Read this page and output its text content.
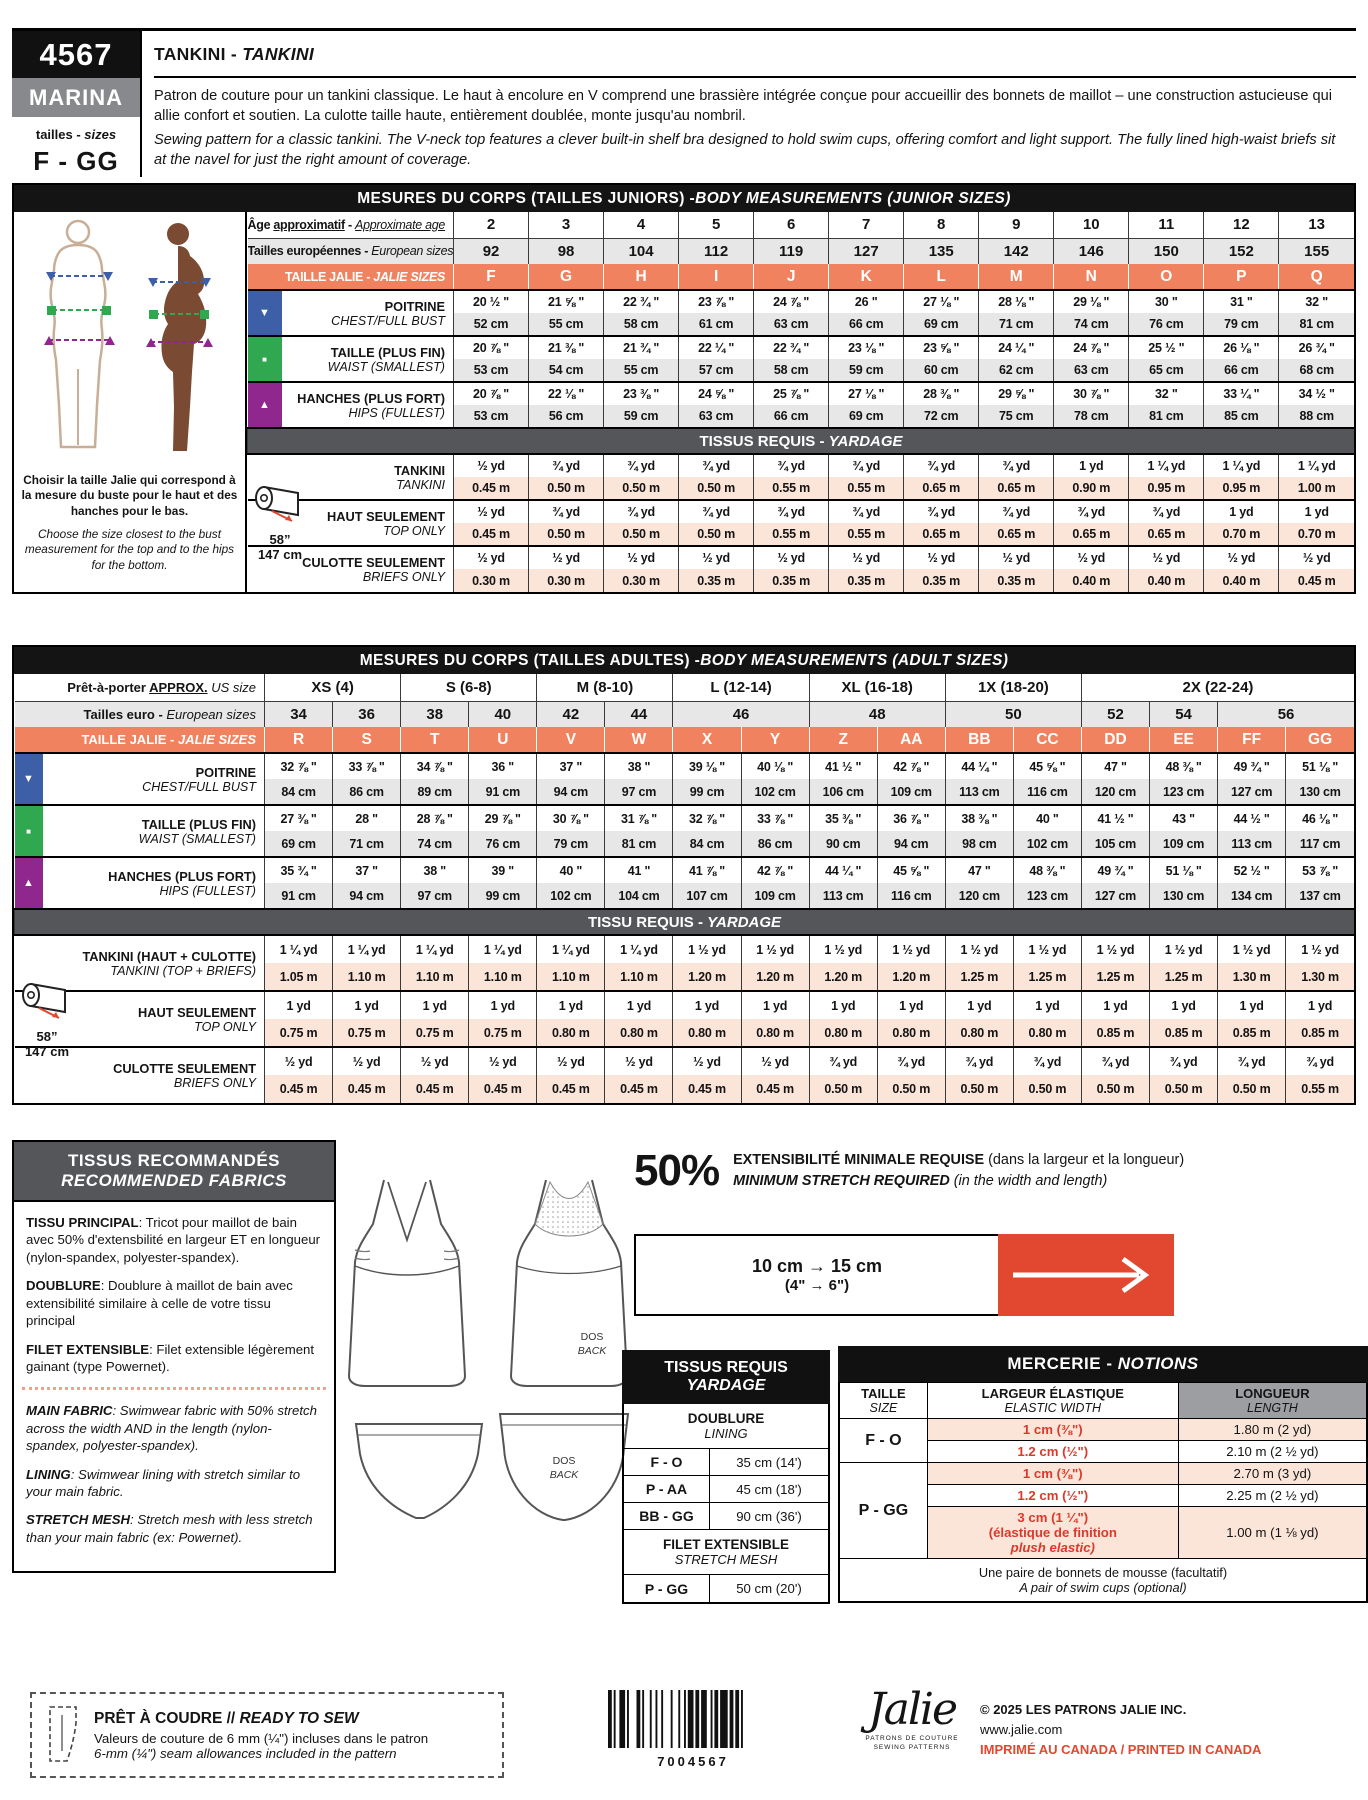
4567
MARINA
tailles - sizes
F - GG
TANKINI - TANKINI
Patron de couture pour un tankini classique. Le haut à encolure en V comprend une brassière intégrée conçue pour accueillir des bonnets de maillot – une construction astucieuse qui allie confort et soutien. La culotte taille haute, entièrement doublée, monte jusqu'au nombril.
Sewing pattern for a classic tankini. The V-neck top features a clever built-in shelf bra designed to hold swim cups, offering comfort and light support. The fully lined high-waist briefs sit at the navel for just the right amount of coverage.
MESURES DU CORPS (TAILLES JUNIORS) - BODY MEASUREMENTS (JUNIOR SIZES)

Choisir la taille Jalie qui correspond à la mesure du buste pour le haut et des hanches pour le bas.

Choose the size closest to the bust measurement for the top and to the hips for the bottom.

Âge approximatif - Approximate age		2	3	4	5	6	7	8	9	10	11	12	13
Tailles européennes - European sizes		92	98	104	112	119	127	135	142	146	150	152	155
TAILLE JALIE - JALIE SIZES		F	G	H	I	J	K	L	M	N	O	P	Q
▼	POITRINE
CHEST/FULL BUST	20 ½ "	21 ⅝ "	22 ¾ "	23 ⅞ "	24 ⅞ "	26 "	27 ⅛ "	28 ⅛ "	29 ⅛ "	30 "	31 "	32 "
		52 cm	55 cm	58 cm	61 cm	63 cm	66 cm	69 cm	71 cm	74 cm	76 cm	79 cm	81 cm
■	TAILLE (PLUS FIN)
WAIST (SMALLEST)	20 ⅞ "	21 ⅜ "	21 ¾ "	22 ¼ "	22 ¾ "	23 ⅛ "	23 ⅝ "	24 ¼ "	24 ⅞ "	25 ½ "	26 ⅛ "	26 ¾ "
		53 cm	54 cm	55 cm	57 cm	58 cm	59 cm	60 cm	62 cm	63 cm	65 cm	66 cm	68 cm
▲	HANCHES (PLUS FORT)
HIPS (FULLEST)	20 ⅞ "	22 ⅛ "	23 ⅜ "	24 ⅝ "	25 ⅞ "	27 ⅛ "	28 ⅜ "	29 ⅝ "	30 ⅞ "	32 "	33 ¼ "	34 ½ "
		53 cm	56 cm	59 cm	63 cm	66 cm	69 cm	72 cm	75 cm	78 cm	81 cm	85 cm	88 cm
TISSUS REQUIS - YARDAGE													

TANKINI
TANKINI		½ yd	¾ yd	¾ yd	¾ yd	¾ yd	¾ yd	¾ yd	¾ yd	1 yd	1 ¼ yd	1 ¼ yd	1 ¼ yd
		0.45 m	0.50 m	0.50 m	0.50 m	0.55 m	0.55 m	0.65 m	0.65 m	0.90 m	0.95 m	0.95 m	1.00 m

HAUT SEULEMENT
TOP ONLY		½ yd	¾ yd	¾ yd	¾ yd	¾ yd	¾ yd	¾ yd	¾ yd	¾ yd	¾ yd	1 yd	1 yd
		0.45 m	0.50 m	0.50 m	0.50 m	0.55 m	0.55 m	0.65 m	0.65 m	0.65 m	0.65 m	0.70 m	0.70 m

CULOTTE SEULEMENT
BRIEFS ONLY		½ yd	½ yd	½ yd	½ yd	½ yd	½ yd	½ yd	½ yd	½ yd	½ yd	½ yd	½ yd
		0.30 m	0.30 m	0.30 m	0.35 m	0.35 m	0.35 m	0.35 m	0.35 m	0.40 m	0.40 m	0.40 m	0.45 m
58”
147 cm
MESURES DU CORPS (TAILLES ADULTES) - BODY MEASUREMENTS (ADULT SIZES)
Prêt-à-porter APPROX. US size		XS (4)		S (6-8)		M (8-10)		L (12-14)		XL (16-18)		1X (18-20)		2X (22-24)			
Tailles euro - European sizes		34	36	38	40	42	44	46		48		50		52	54	56	
TAILLE JALIE - JALIE SIZES		R	S	T	U	V	W	X	Y	Z	AA	BB	CC	DD	EE	FF	GG
▼	POITRINE
CHEST/FULL BUST	32 ⅞ "	33 ⅞ "	34 ⅞ "	36 "	37 "	38 "	39 ⅛ "	40 ⅛ "	41 ½ "	42 ⅞ "	44 ¼ "	45 ⅝ "	47 "	48 ⅜ "	49 ¾ "	51 ⅛ "
		84 cm	86 cm	89 cm	91 cm	94 cm	97 cm	99 cm	102 cm	106 cm	109 cm	113 cm	116 cm	120 cm	123 cm	127 cm	130 cm
■	TAILLE (PLUS FIN)
WAIST (SMALLEST)	27 ⅜ "	28 "	28 ⅞ "	29 ⅞ "	30 ⅞ "	31 ⅞ "	32 ⅞ "	33 ⅞ "	35 ⅜ "	36 ⅞ "	38 ⅜ "	40 "	41 ½ "	43 "	44 ½ "	46 ⅛ "
		69 cm	71 cm	74 cm	76 cm	79 cm	81 cm	84 cm	86 cm	90 cm	94 cm	98 cm	102 cm	105 cm	109 cm	113 cm	117 cm
▲	HANCHES (PLUS FORT)
HIPS (FULLEST)	35 ¾ "	37 "	38 "	39 "	40 "	41 "	41 ⅞ "	42 ⅞ "	44 ¼ "	45 ⅝ "	47 "	48 ⅜ "	49 ¾ "	51 ⅛ "	52 ½ "	53 ⅞ "
		91 cm	94 cm	97 cm	99 cm	102 cm	104 cm	107 cm	109 cm	113 cm	116 cm	120 cm	123 cm	127 cm	130 cm	134 cm	137 cm
TISSU REQUIS - YARDAGE																	

TANKINI (HAUT + CULOTTE)
TANKINI (TOP + BRIEFS)		1 ¼ yd	1 ¼ yd	1 ¼ yd	1 ¼ yd	1 ¼ yd	1 ¼ yd	1 ½ yd	1 ½ yd	1 ½ yd	1 ½ yd	1 ½ yd	1 ½ yd	1 ½ yd	1 ½ yd	1 ½ yd	1 ½ yd
		1.05 m	1.10 m	1.10 m	1.10 m	1.10 m	1.10 m	1.20 m	1.20 m	1.20 m	1.20 m	1.25 m	1.25 m	1.25 m	1.25 m	1.30 m	1.30 m

HAUT SEULEMENT
TOP ONLY		1 yd	1 yd	1 yd	1 yd	1 yd	1 yd	1 yd	1 yd	1 yd	1 yd	1 yd	1 yd	1 yd	1 yd	1 yd	1 yd
		0.75 m	0.75 m	0.75 m	0.75 m	0.80 m	0.80 m	0.80 m	0.80 m	0.80 m	0.80 m	0.80 m	0.80 m	0.85 m	0.85 m	0.85 m	0.85 m

CULOTTE SEULEMENT
BRIEFS ONLY		½ yd	½ yd	½ yd	½ yd	½ yd	½ yd	½ yd	½ yd	¾ yd	¾ yd	¾ yd	¾ yd	¾ yd	¾ yd	¾ yd	¾ yd
		0.45 m	0.45 m	0.45 m	0.45 m	0.45 m	0.45 m	0.45 m	0.45 m	0.50 m	0.50 m	0.50 m	0.50 m	0.50 m	0.50 m	0.50 m	0.55 m
58”
147 cm
TISSUS RECOMMANDÉS
RECOMMENDED FABRICS

TISSU PRINCIPAL: Tricot pour maillot de bain avec 50% d'extensbilité en largeur ET en longueur (nylon-spandex, polyester-spandex).

DOUBLURE: Doublure à maillot de bain avec extensibilité similaire à celle de votre tissu principal

FILET EXTENSIBLE: Filet extensible légèrement gainant (type Powernet).

MAIN FABRIC: Swimwear fabric with 50% stretch across the width AND in the length (nylon-spandex, polyester-spandex).

LINING: Swimwear lining with stretch similar to your main fabric.

STRETCH MESH: Stretch mesh with less stretch than your main fabric (ex: Powernet).

DOS
BACK
DOS
BACK
50% EXTENSIBILITÉ MINIMALE REQUISE (dans la largeur et la longueur)
MINIMUM STRETCH REQUIRED (in the width and length)
10 cm → 15 cm
(4" → 6")
TISSUS REQUIS
YARDAGE
DOUBLURE
LINING
F - O	35 cm (14')
P - AA	45 cm (18')
BB - GG	90 cm (36')
FILET EXTENSIBLE
STRETCH MESH
P - GG	50 cm (20')
MERCERIE - NOTIONS
TAILLE
SIZE

LARGEUR ÉLASTIQUE
ELASTIC WIDTH

LONGUEUR
LENGTH

F - O	1 cm (⅜")	1.80 m (2 yd)

	1.2 cm (½")	2.10 m (2 ½ yd)
P - GG	1 cm (⅜")	2.70 m (3 yd)

	1.2 cm (½")	2.25 m (2 ½ yd)

	3 cm (1 ¼")
(élastique de finition
plush elastic)	1.00 m (1 ⅛ yd)

Une paire de bonnets de mousse (facultatif)
A pair of swim cups (optional)		
PRÊT À COUDRE // READY TO SEW
Valeurs de couture de 6 mm (¼") incluses dans le patron
6-mm (¼") seam allowances included in the pattern
7004567
Jalie
PATRONS DE COUTURE
SEWING PATTERNS
© 2025 LES PATRONS JALIE INC.
www.jalie.com
IMPRIMÉ AU CANADA / PRINTED IN CANADA
